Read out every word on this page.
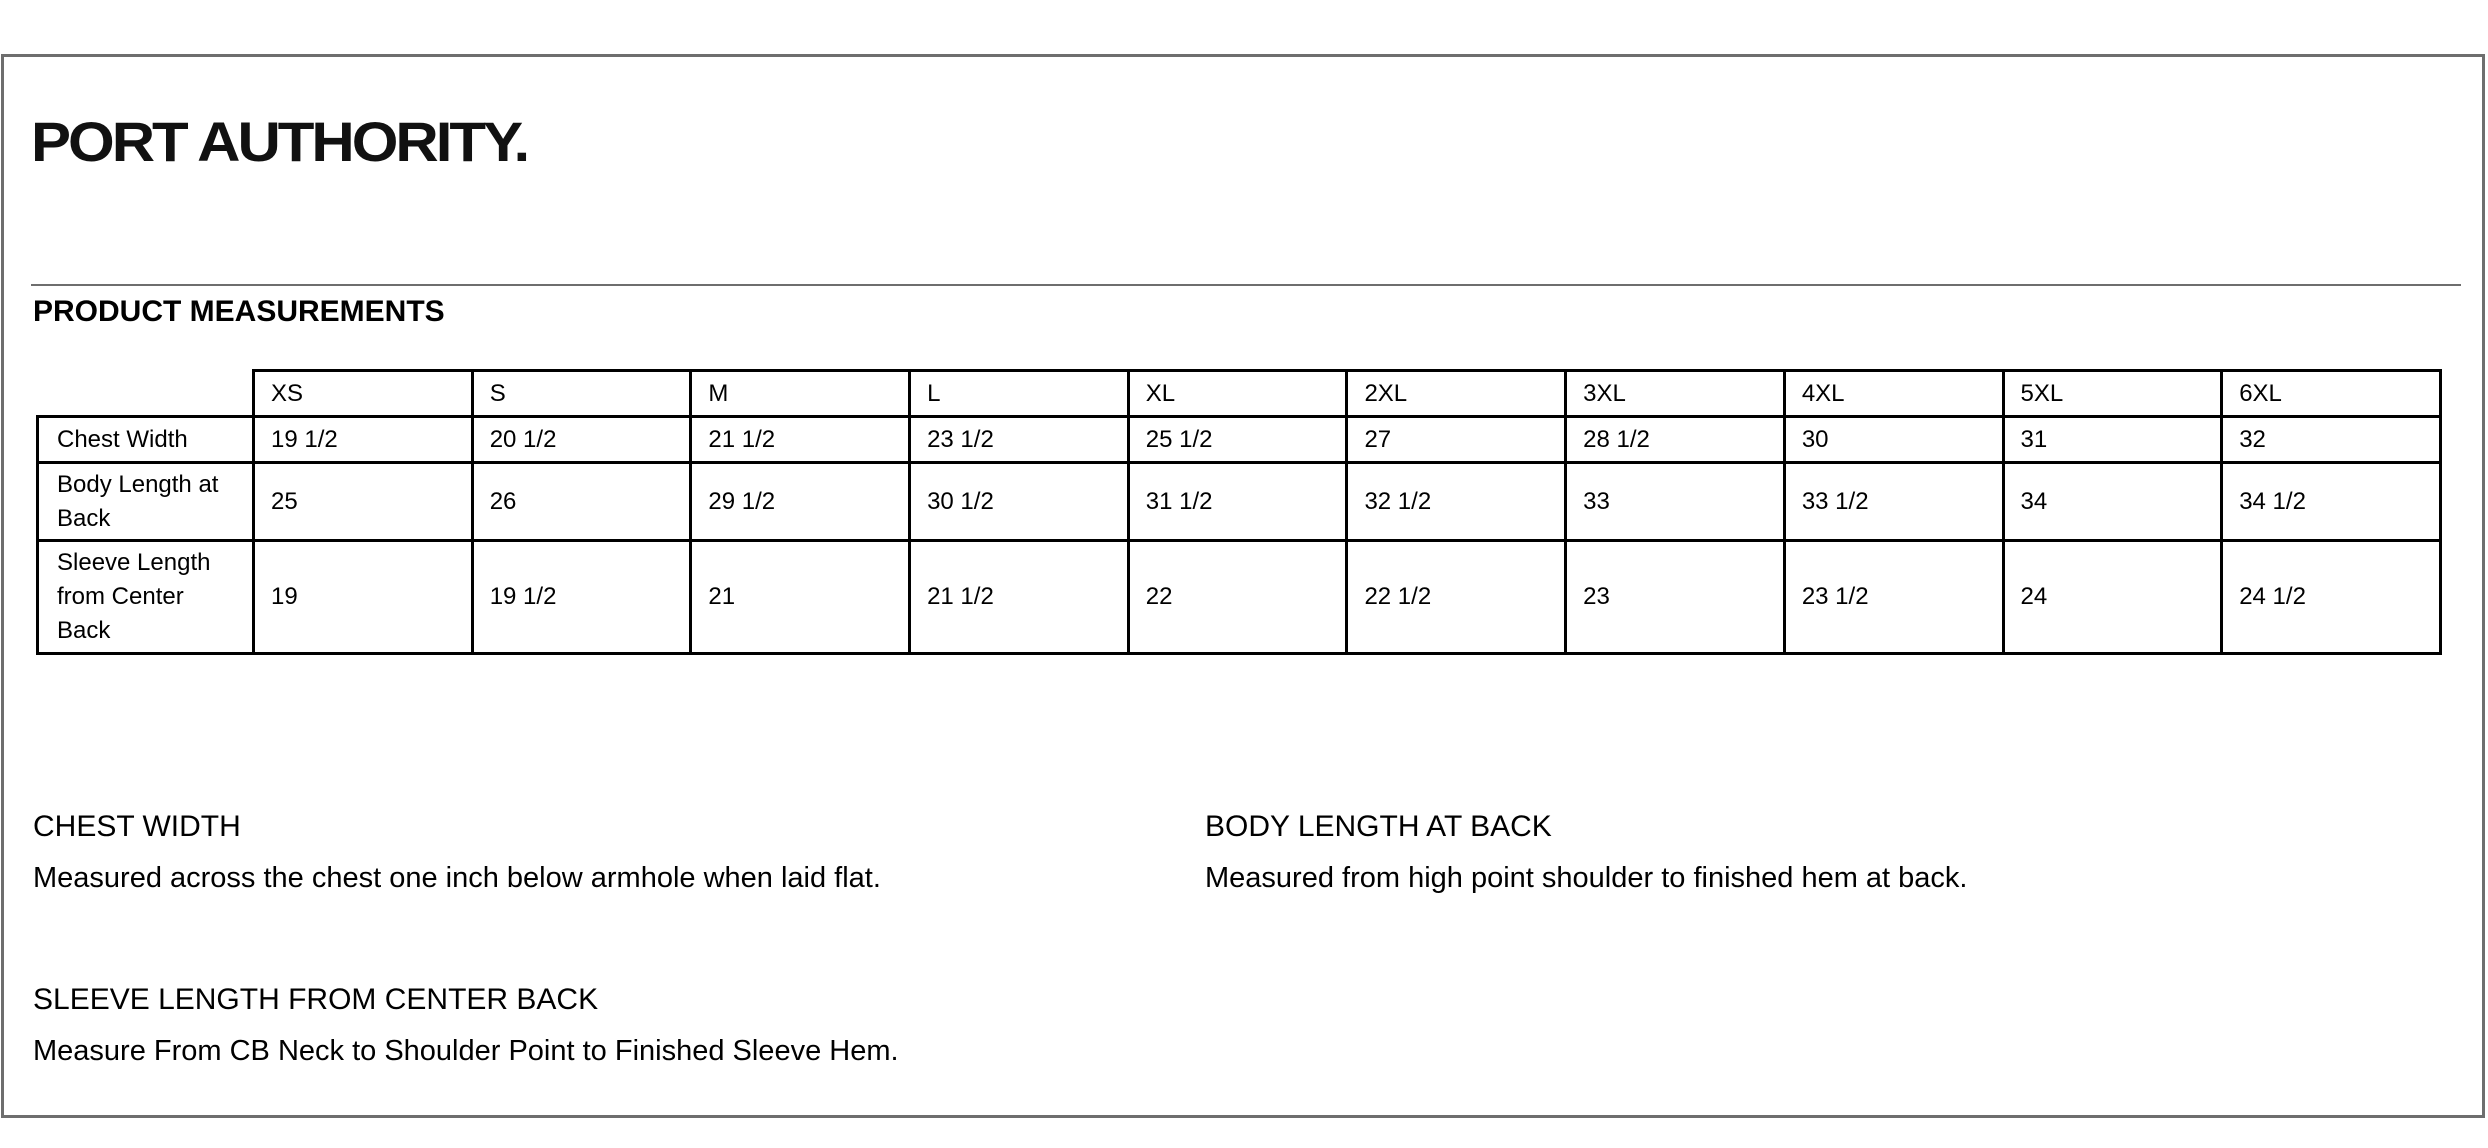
PORT AUTHORITY.
PRODUCT MEASUREMENTS
	XS	S	M	L	XL	2XL	3XL	4XL	5XL	6XL
Chest Width	19 1/2	20 1/2	21 1/2	23 1/2	25 1/2	27	28 1/2	30	31	32
Body Length at Back	25	26	29 1/2	30 1/2	31 1/2	32 1/2	33	33 1/2	34	34 1/2
Sleeve Length from Center Back	19	19 1/2	21	21 1/2	22	22 1/2	23	23 1/2	24	24 1/2

CHEST WIDTH

Measured across the chest one inch below armhole when laid flat.

BODY LENGTH AT BACK

Measured from high point shoulder to finished hem at back.

SLEEVE LENGTH FROM CENTER BACK

Measure From CB Neck to Shoulder Point to Finished Sleeve Hem.
